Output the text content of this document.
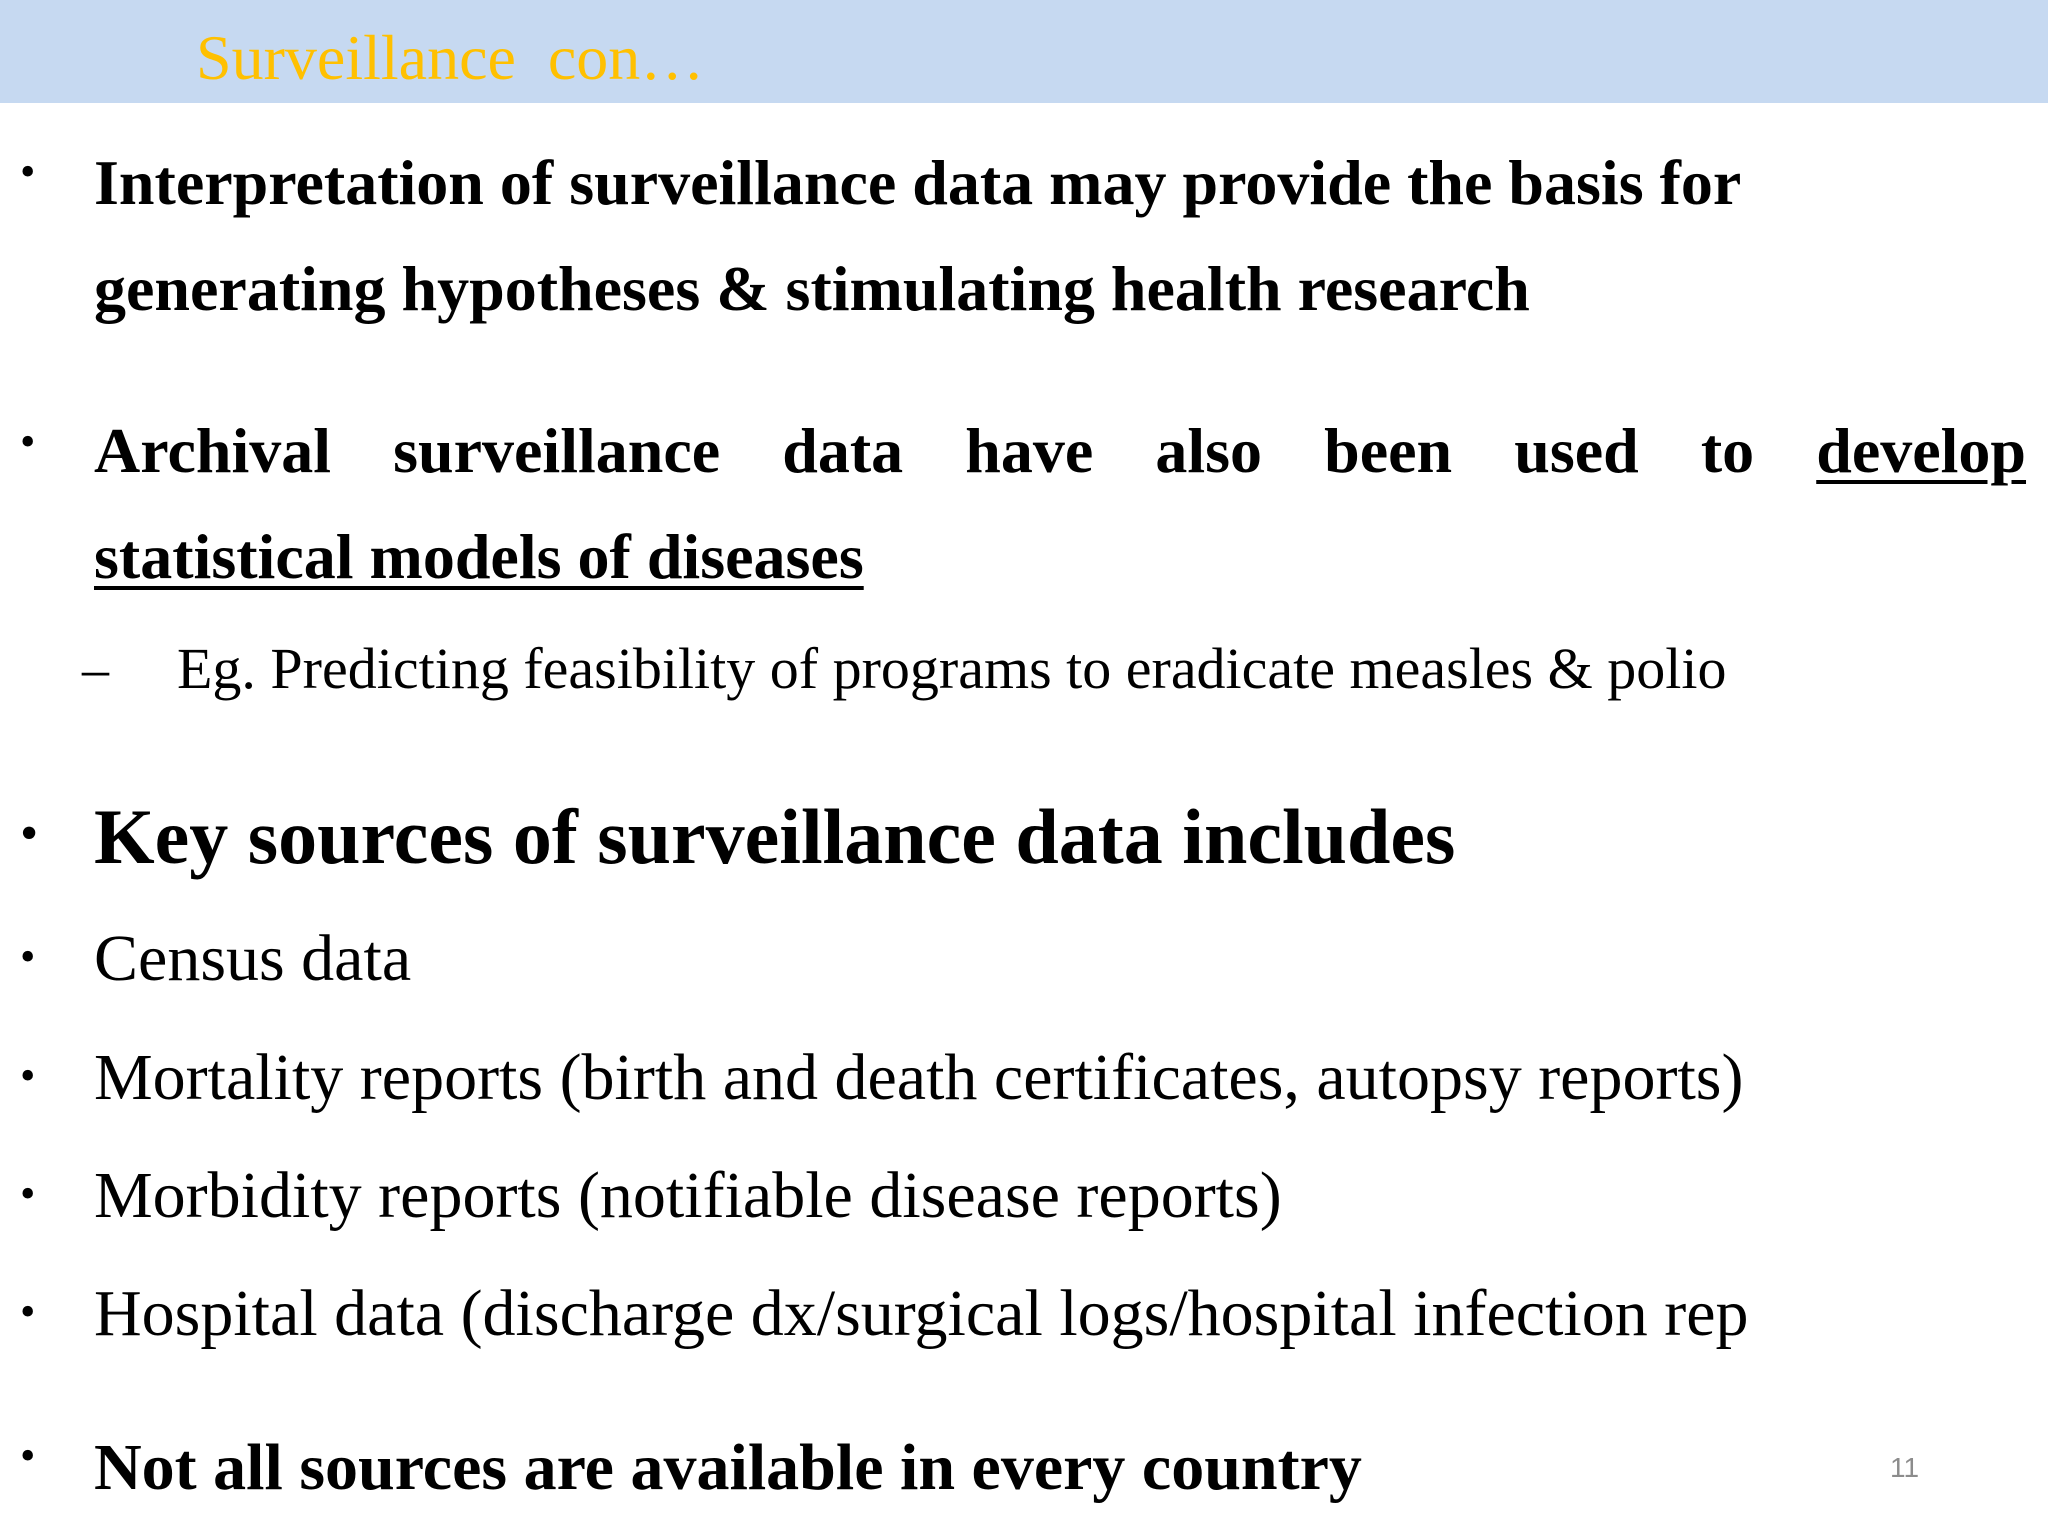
Surveillance  con…
• Interpretation of surveillance data may provide the basis for
generating hypotheses & stimulating health research
• Archival surveillance data have also been used to develop
statistical models of diseases
– Eg. Predicting feasibility of programs to eradicate measles & polio
• Key sources of surveillance data includes
• Census data
• Mortality reports (birth and death certificates, autopsy reports)
• Morbidity reports (notifiable disease reports)
• Hospital data (discharge dx/surgical logs/hospital infection rep
• Not all sources are available in every country	11
